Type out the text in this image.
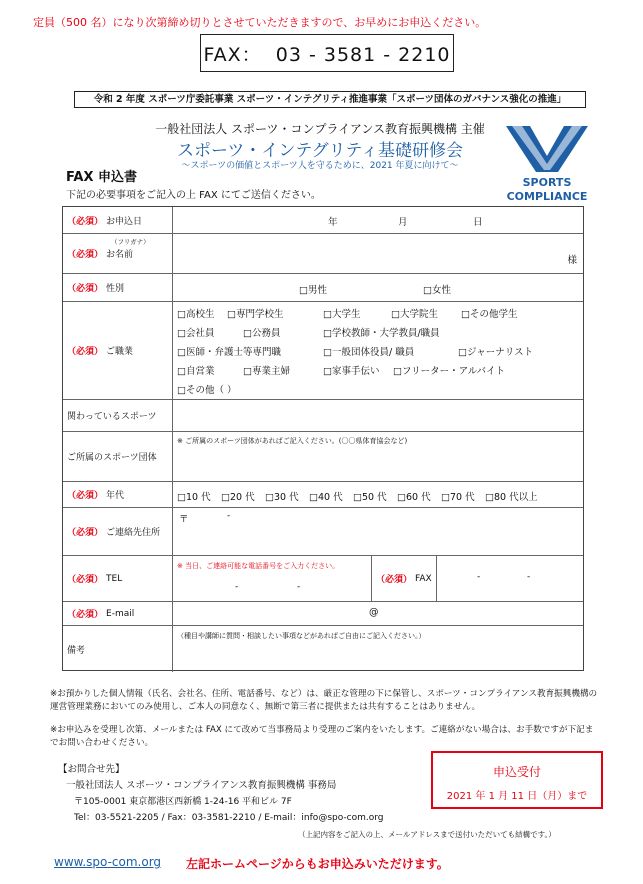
定員（500 名）になり次第締め切りとさせていただきますので、お早めにお申込ください。
FAX：  03 - 3581 - 2210
令和 2 年度 スポーツ庁委託事業 スポーツ・インテグリティ推進事業「スポーツ団体のガバナンス強化の推進」
一般社団法人 スポーツ・コンプライアンス教育振興機構 主催
スポーツ・インテグリティ基礎研修会
～スポーツの価値とスポーツ人を守るために、2021 年夏に向けて～
SPORTS
COMPLIANCE
FAX 申込書
下記の必要事項をご記入の上 FAX にてご送信ください。
（必須） お申込日	年	月	日
（必須） お名前
（フリガナ）
様
（必須） 性別	□男性	□女性
（必須） ご職業
□高校生 □専門学校生	□大学生	□大学院生 □その他学生
□会社員	□公務員	□学校教師・大学教員/職員
□医師・弁護士等専門職	□一般団体役員/ 職員	□ジャーナリスト
□自営業	□専業主婦	□家事手伝い □フリーター・アルバイト
□その他（ ）
関わっているスポーツ
ご所属のスポーツ団体
※ ご所属のスポーツ団体があればご記入ください。(〇〇県体育協会など)
（必須） 年代	□10 代 □20 代 □30 代 □40 代 □50 代 □60 代 □70 代 □80 代以上
（必須） ご連絡先住所
〒	-
（必須） TEL
※ 当日、ご連絡可能な電話番号をご入力ください。
-	-
（必須） FAX	-	-
（必須） E-mail	@
備考
（種目や講師に質問・相談したい事項などがあればご自由にご記入ください。）
※お預かりした個人情報（氏名、会社名、住所、電話番号、など）は、厳正な管理の下に保管し、スポーツ・コンプライアンス教育振興機構の運営管理業務においてのみ使用し、ご本人の同意なく、無断で第三者に提供または共有することはありません。
※お申込みを受理し次第、メールまたは FAX にて改めて当事務局より受理のご案内をいたします。ご連絡がない場合は、お手数ですが下記までお問い合わせください。
【お問合せ先】
一般社団法人 スポーツ・コンプライアンス教育振興機構 事務局
〒105-0001 東京都港区西新橋 1-24-16 平和ビル 7F
Tel：03-5521-2205 / Fax：03-3581-2210 / E-mail：info@spo-com.org
申込受付
2021 年 1 月 11 日（月）まで
（上記内容をご記入の上、メールアドレスまで送付いただいても結構です。）
www.spo-com.org 左記ホームページからもお申込みいただけます。
